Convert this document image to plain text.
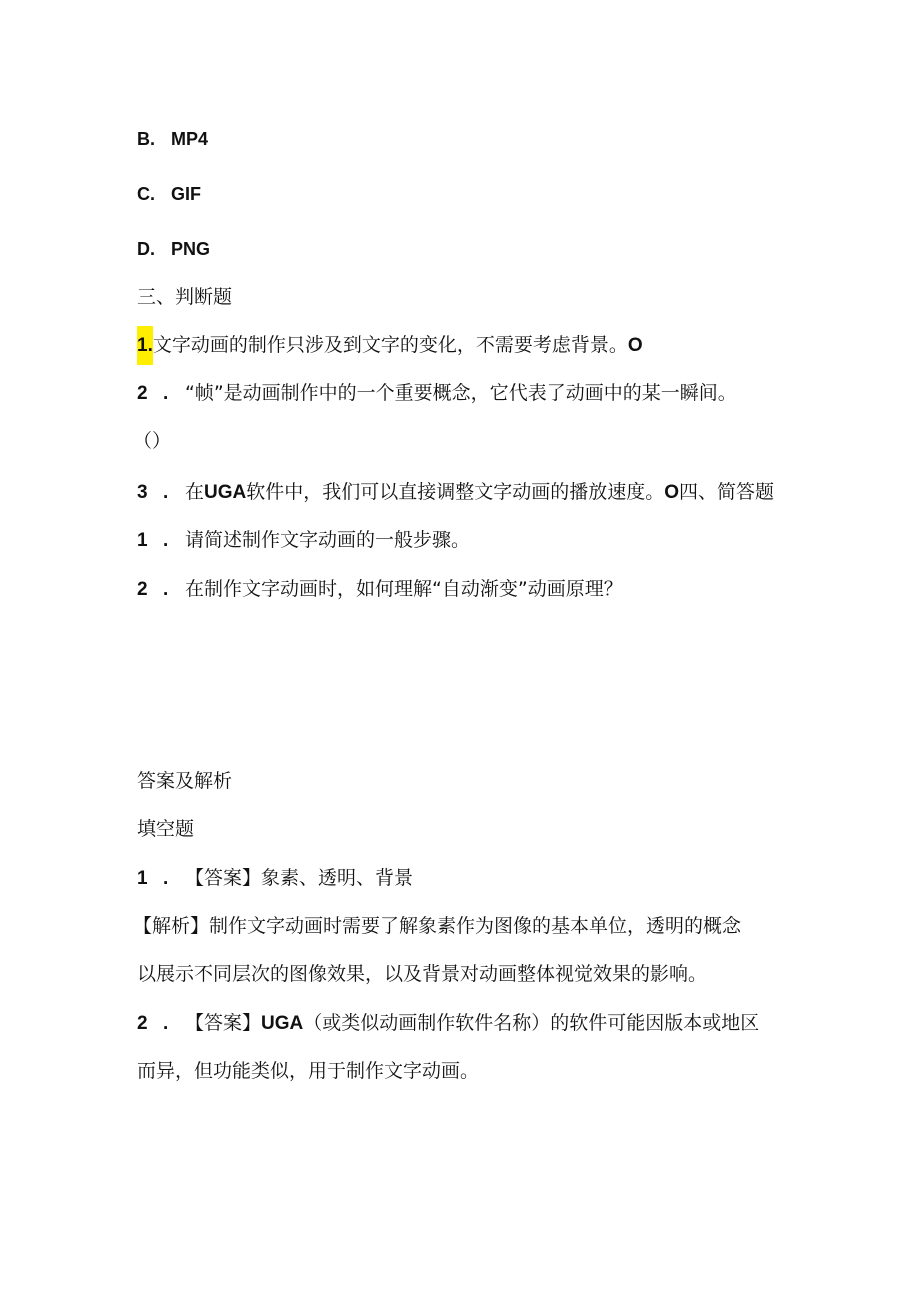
B. MP4
C. GIF
D. PNG
三、判断题
1.文字动画的制作只涉及到文字的变化，不需要考虑背景。O
2 . “帧”是动画制作中的一个重要概念，它代表了动画中的某一瞬间。
（）
3 . 在UGA软件中，我们可以直接调整文字动画的播放速度。O四、简答题
1 . 请简述制作文字动画的一般步骤。
2 . 在制作文字动画时，如何理解“自动渐变”动画原理？
答案及解析
填空题
1 . 【答案】象素、透明、背景
【解析】制作文字动画时需要了解象素作为图像的基本单位，透明的概念
以展示不同层次的图像效果，以及背景对动画整体视觉效果的影响。
2 . 【答案】UGA（或类似动画制作软件名称）的软件可能因版本或地区
而异，但功能类似，用于制作文字动画。
